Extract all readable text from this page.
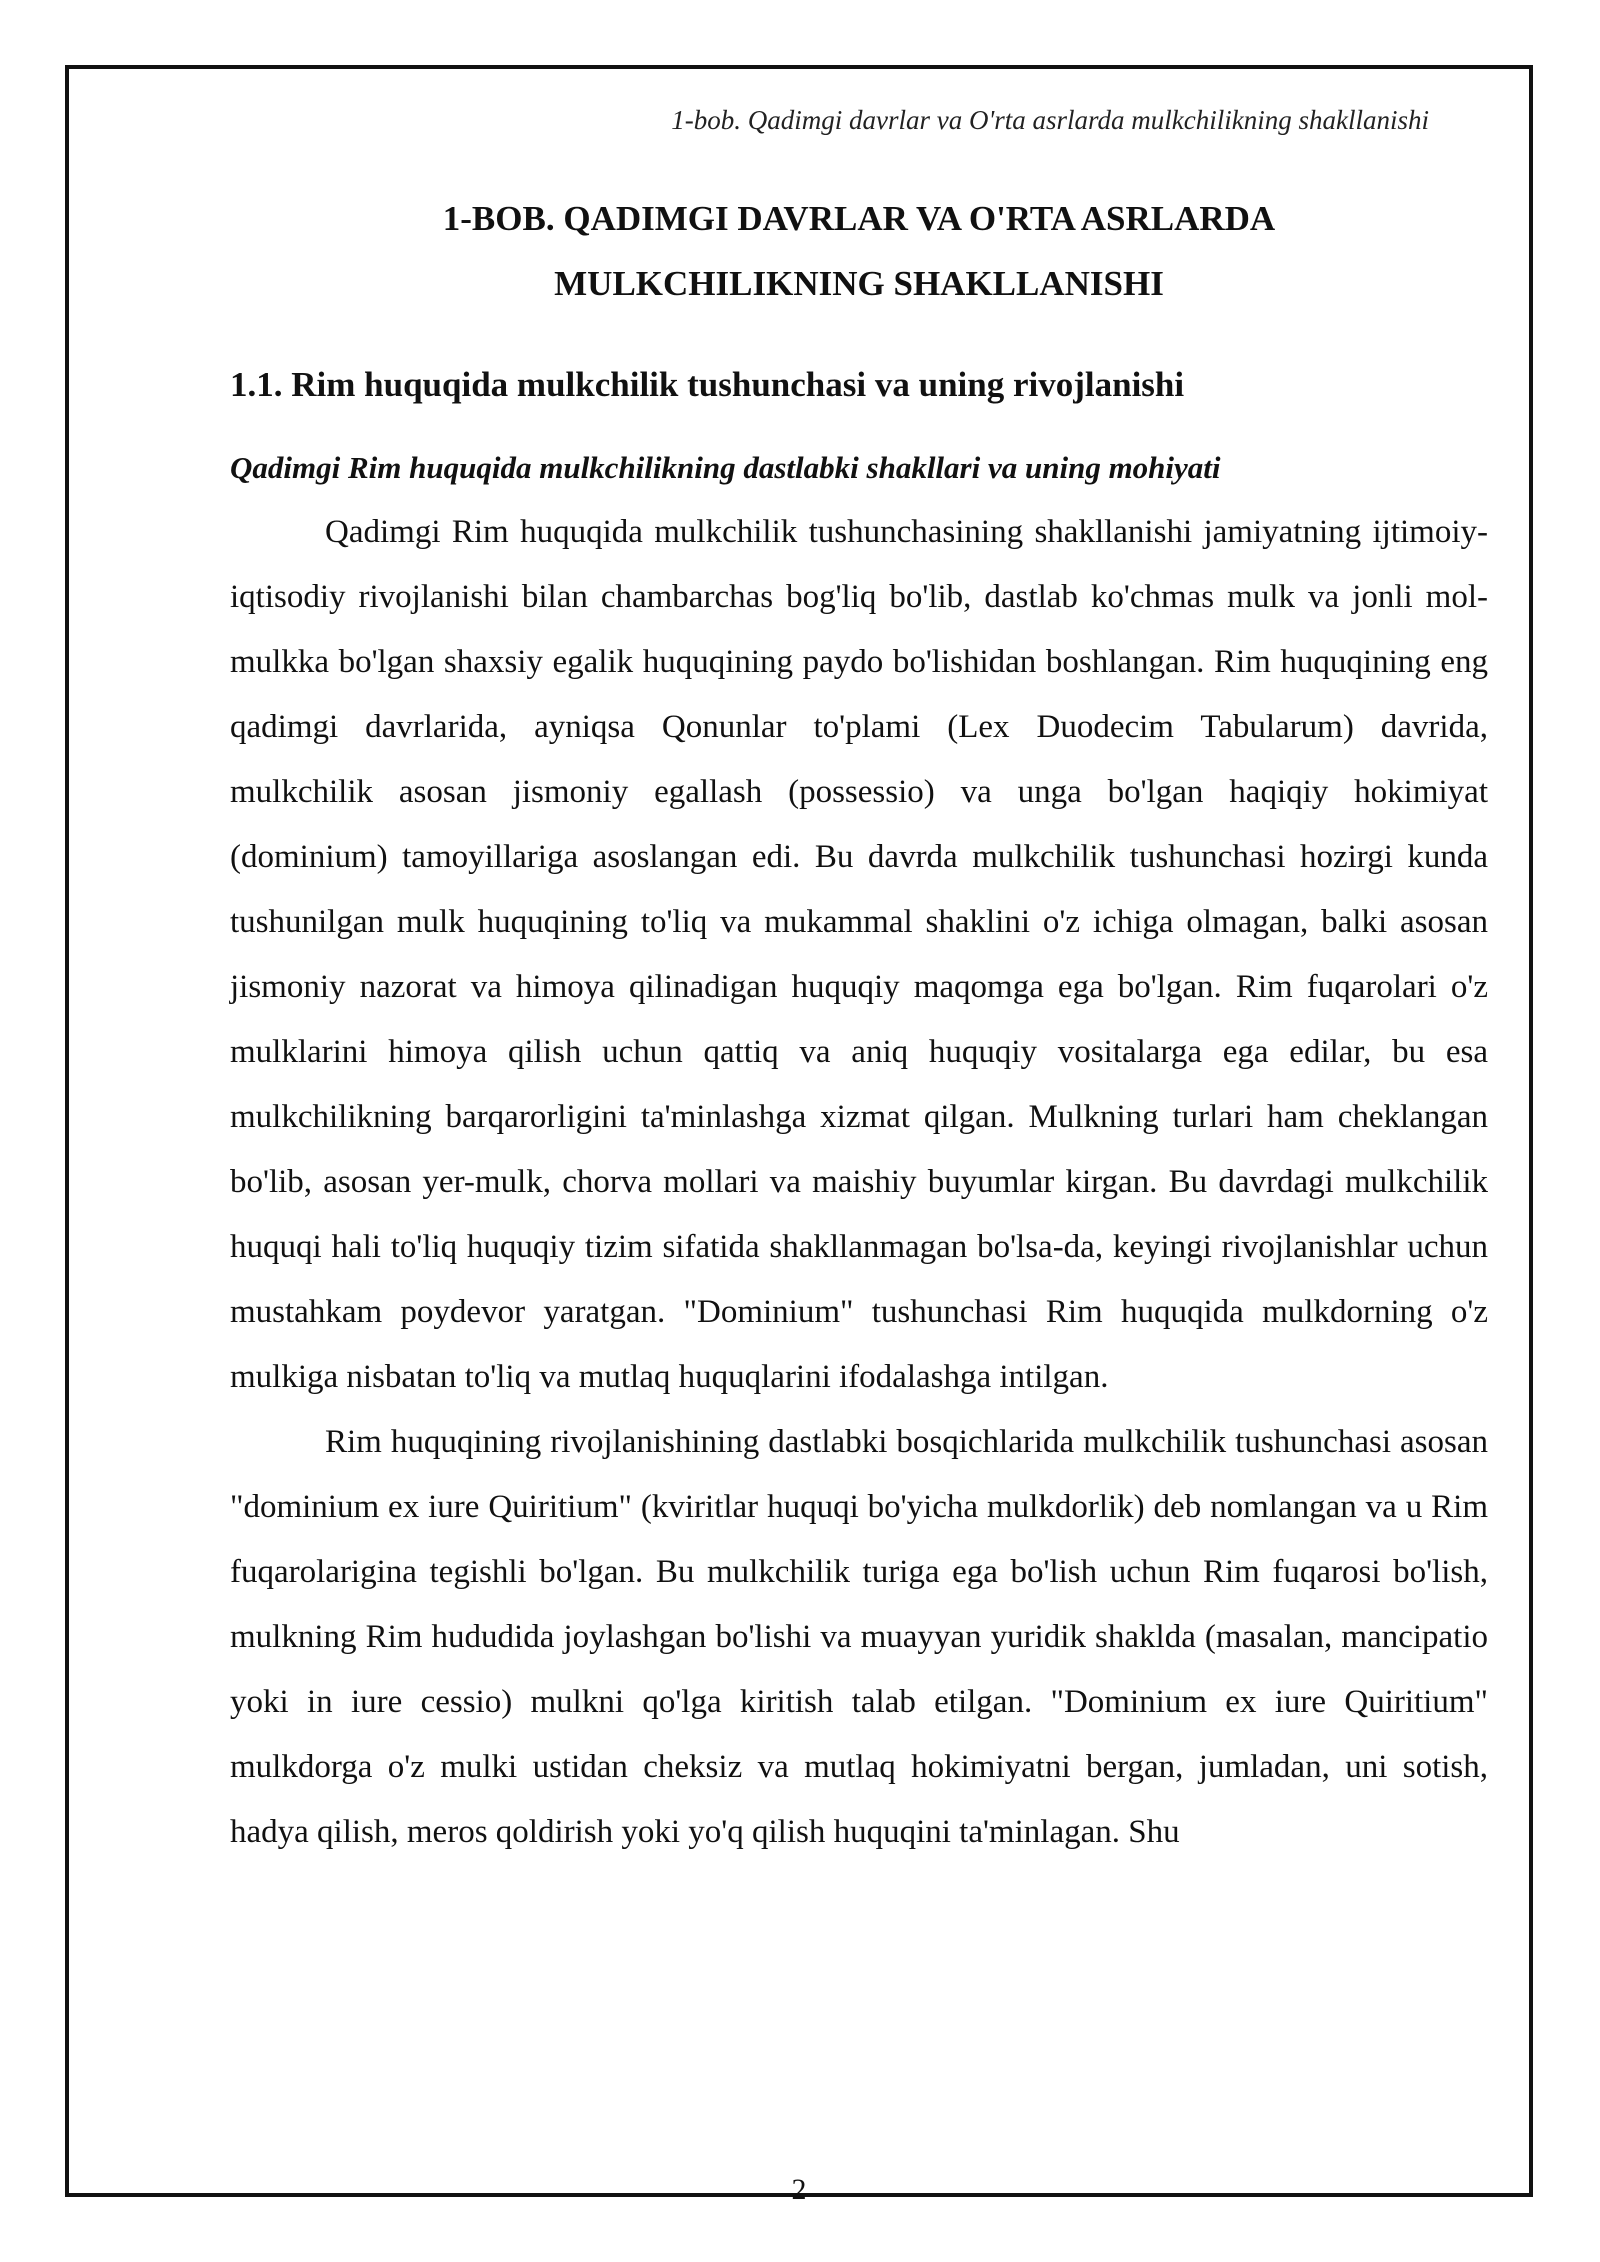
1-bob. Qadimgi davrlar va O'rta asrlarda mulkchilikning shakllanishi
1-BOB. QADIMGI DAVRLAR VA O'RTA ASRLARDA
MULKCHILIKNING SHAKLLANISHI
1.1. Rim huquqida mulkchilik tushunchasi va uning rivojlanishi
Qadimgi Rim huquqida mulkchilikning dastlabki shakllari va uning mohiyati

Qadimgi Rim huquqida mulkchilik tushunchasining shakllanishi jamiyatning ijtimoiy-iqtisodiy rivojlanishi bilan chambarchas bog'liq bo'lib, dastlab ko'chmas mulk va jonli mol-mulkka bo'lgan shaxsiy egalik huquqining paydo bo'lishidan boshlangan. Rim huquqining eng qadimgi davrlarida, ayniqsa Qonunlar to'plami (Lex Duodecim Tabularum) davrida, mulkchilik asosan jismoniy egallash (possessio) va unga bo'lgan haqiqiy hokimiyat (dominium) tamoyillariga asoslangan edi. Bu davrda mulkchilik tushunchasi hozirgi kunda tushunilgan mulk huquqining to'liq va mukammal shaklini o'z ichiga olmagan, balki asosan jismoniy nazorat va himoya qilinadigan huquqiy maqomga ega bo'lgan. Rim fuqarolari o'z mulklarini himoya qilish uchun qattiq va aniq huquqiy vositalarga ega edilar, bu esa mulkchilikning barqarorligini ta'minlashga xizmat qilgan. Mulkning turlari ham cheklangan bo'lib, asosan yer-mulk, chorva mollari va maishiy buyumlar kirgan. Bu davrdagi mulkchilik huquqi hali to'liq huquqiy tizim sifatida shakllanmagan bo'lsa-da, keyingi rivojlanishlar uchun mustahkam poydevor yaratgan. "Dominium" tushunchasi Rim huquqida mulkdorning o'z mulkiga nisbatan to'liq va mutlaq huquqlarini ifodalashga intilgan.

Rim huquqining rivojlanishining dastlabki bosqichlarida mulkchilik tushunchasi asosan "dominium ex iure Quiritium" (kviritlar huquqi bo'yicha mulkdorlik) deb nomlangan va u Rim fuqarolarigina tegishli bo'lgan. Bu mulkchilik turiga ega bo'lish uchun Rim fuqarosi bo'lish, mulkning Rim hududida joylashgan bo'lishi va muayyan yuridik shaklda (masalan, mancipatio yoki in iure cessio) mulkni qo'lga kiritish talab etilgan. "Dominium ex iure Quiritium" mulkdorga o'z mulki ustidan cheksiz va mutlaq hokimiyatni bergan, jumladan, uni sotish, hadya qilish, meros qoldirish yoki yo'q qilish huquqini ta'minlagan. Shu

2
